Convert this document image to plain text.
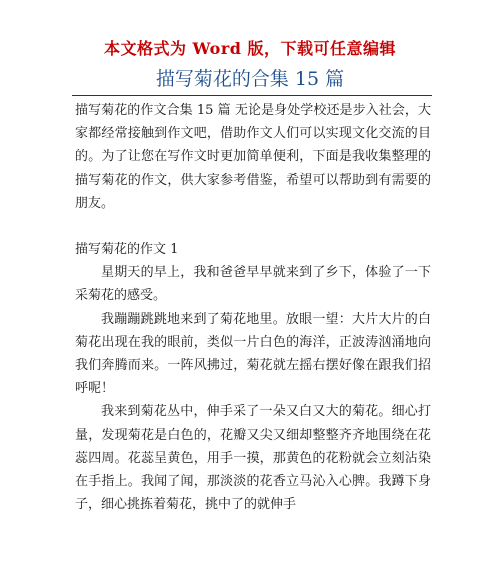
本文格式为 Word 版，下载可任意编辑
描写菊花的合集 15 篇

描写菊花的作文合集 15 篇 无论是身处学校还是步入社会，大家都经常接触到作文吧，借助作文人们可以实现文化交流的目的。为了让您在写作文时更加简单便利，下面是我收集整理的描写菊花的作文，供大家参考借鉴，希望可以帮助到有需要的朋友。

描写菊花的作文 1

星期天的早上，我和爸爸早早就来到了乡下，体验了一下采菊花的感受。

我蹦蹦跳跳地来到了菊花地里。放眼一望：大片大片的白菊花出现在我的眼前，类似一片白色的海洋，正波涛汹涌地向我们奔腾而来。一阵风拂过，菊花就左摇右摆好像在跟我们招呼呢！

我来到菊花丛中，伸手采了一朵又白又大的菊花。细心打量，发现菊花是白色的，花瓣又尖又细却整整齐齐地围绕在花蕊四周。花蕊呈黄色，用手一摸，那黄色的花粉就会立刻沾染在手指上。我闻了闻，那淡淡的花香立马沁入心脾。我蹲下身子，细心挑拣着菊花，挑中了的就伸手
